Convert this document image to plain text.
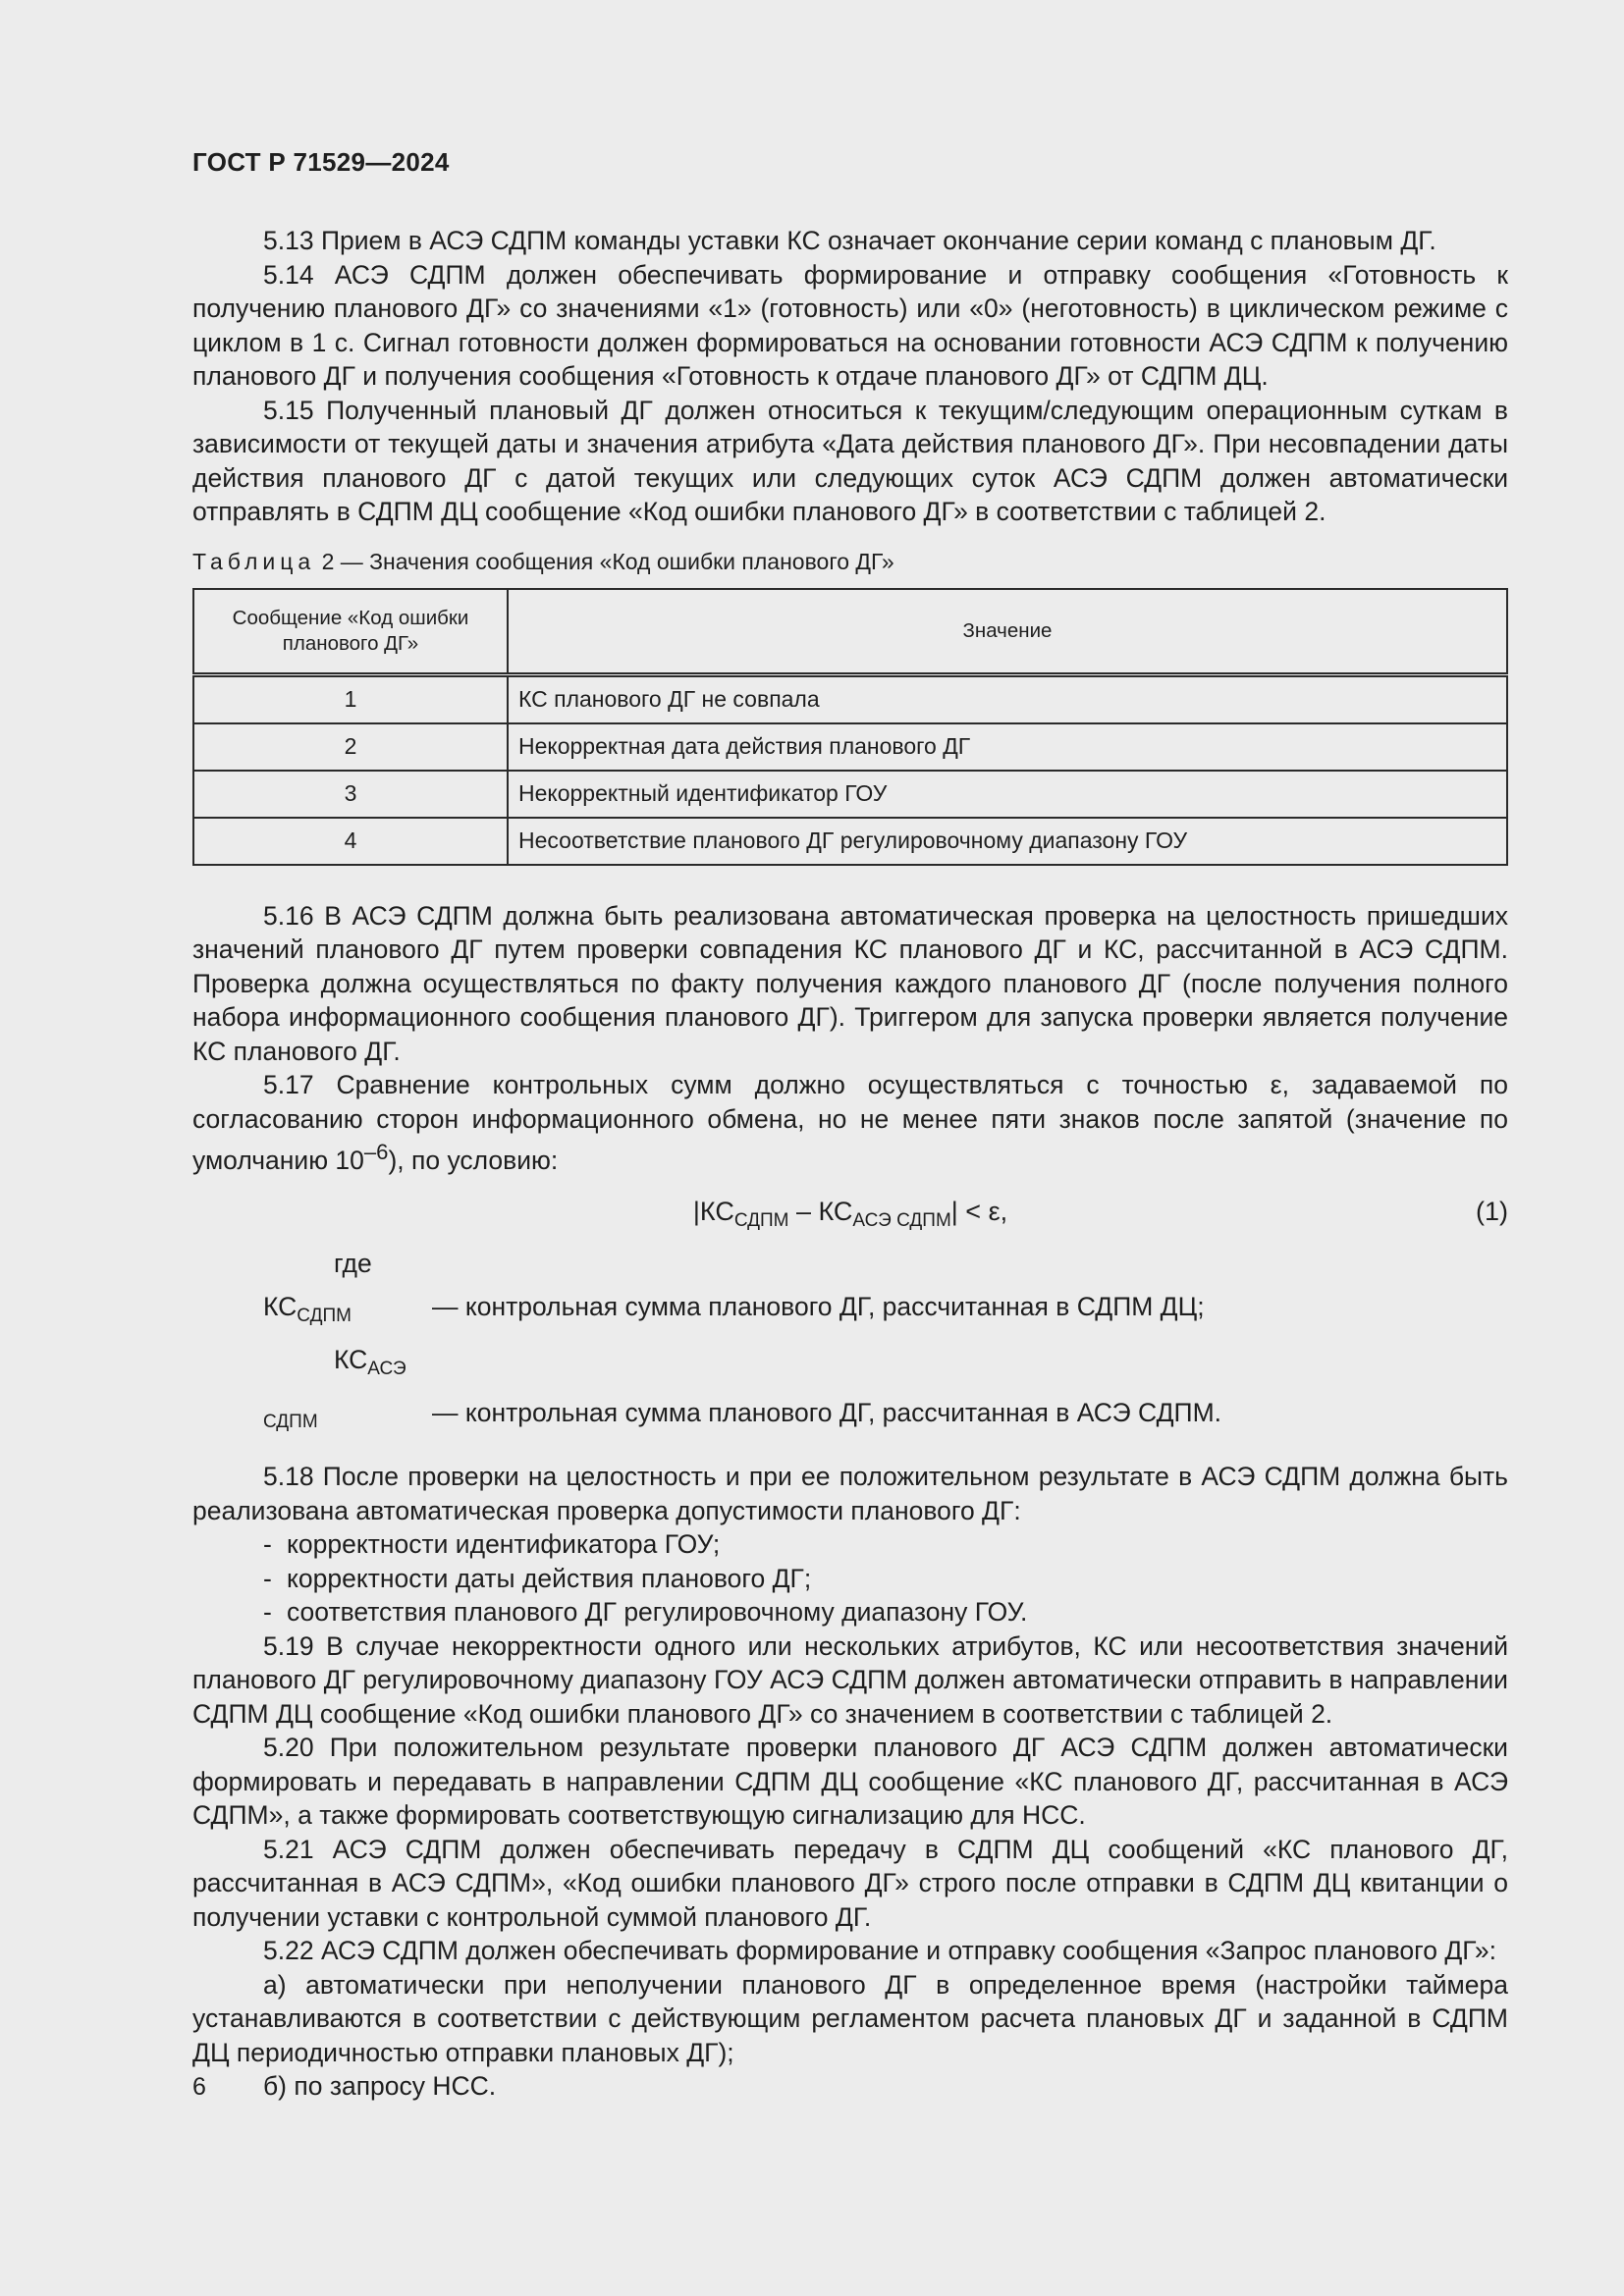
ГОСТ Р 71529—2024

5.13 Прием в АСЭ СДПМ команды уставки КС означает окончание серии команд с плановым ДГ.

5.14 АСЭ СДПМ должен обеспечивать формирование и отправку сообщения «Готовность к получению планового ДГ» со значениями «1» (готовность) или «0» (неготовность) в циклическом режиме с циклом в 1 с. Сигнал готовности должен формироваться на основании готовности АСЭ СДПМ к получению планового ДГ и получения сообщения «Готовность к отдаче планового ДГ» от СДПМ ДЦ.

5.15 Полученный плановый ДГ должен относиться к текущим/следующим операционным суткам в зависимости от текущей даты и значения атрибута «Дата действия планового ДГ». При несовпадении даты действия планового ДГ с датой текущих или следующих суток АСЭ СДПМ должен автоматически отправлять в СДПМ ДЦ сообщение «Код ошибки планового ДГ» в соответствии с таблицей 2.

Таблица 2 — Значения сообщения «Код ошибки планового ДГ»
Сообщение «Код ошибки планового ДГ»	Значение
1	КС планового ДГ не совпала
2	Некорректная дата действия планового ДГ
3	Некорректный идентификатор ГОУ
4	Несоответствие планового ДГ регулировочному диапазону ГОУ

5.16 В АСЭ СДПМ должна быть реализована автоматическая проверка на целостность пришедших значений планового ДГ путем проверки совпадения КС планового ДГ и КС, рассчитанной в АСЭ СДПМ. Проверка должна осуществляться по факту получения каждого планового ДГ (после получения полного набора информационного сообщения планового ДГ). Триггером для запуска проверки является получение КС планового ДГ.

5.17 Сравнение контрольных сумм должно осуществляться с точностью ε, задаваемой по согласованию сторон информационного обмена, но не менее пяти знаков после запятой (значение по умолчанию $10^{-6}$), по условию:

$|КС_{СДПМ} - КС_{АСЭ СДПМ}| < \varepsilon$,	(1)

где $КС_{СДПМ}$	— контрольная сумма планового ДГ, рассчитанная в СДПМ ДЦ;

$КС_{АСЭ СДПМ}$	— контрольная сумма планового ДГ, рассчитанная в АСЭ СДПМ.

5.18 После проверки на целостность и при ее положительном результате в АСЭ СДПМ должна быть реализована автоматическая проверка допустимости планового ДГ:

- корректности идентификатора ГОУ;

- корректности даты действия планового ДГ;

- соответствия планового ДГ регулировочному диапазону ГОУ.

5.19 В случае некорректности одного или нескольких атрибутов, КС или несоответствия значений планового ДГ регулировочному диапазону ГОУ АСЭ СДПМ должен автоматически отправить в направлении СДПМ ДЦ сообщение «Код ошибки планового ДГ» со значением в соответствии с таблицей 2.

5.20 При положительном результате проверки планового ДГ АСЭ СДПМ должен автоматически формировать и передавать в направлении СДПМ ДЦ сообщение «КС планового ДГ, рассчитанная в АСЭ СДПМ», а также формировать соответствующую сигнализацию для НСС.

5.21 АСЭ СДПМ должен обеспечивать передачу в СДПМ ДЦ сообщений «КС планового ДГ, рассчитанная в АСЭ СДПМ», «Код ошибки планового ДГ» строго после отправки в СДПМ ДЦ квитанции о получении уставки с контрольной суммой планового ДГ.

5.22 АСЭ СДПМ должен обеспечивать формирование и отправку сообщения «Запрос планового ДГ»:

а) автоматически при неполучении планового ДГ в определенное время (настройки таймера устанавливаются в соответствии с действующим регламентом расчета плановых ДГ и заданной в СДПМ ДЦ периодичностью отправки плановых ДГ);

б) по запросу НСС.

6
